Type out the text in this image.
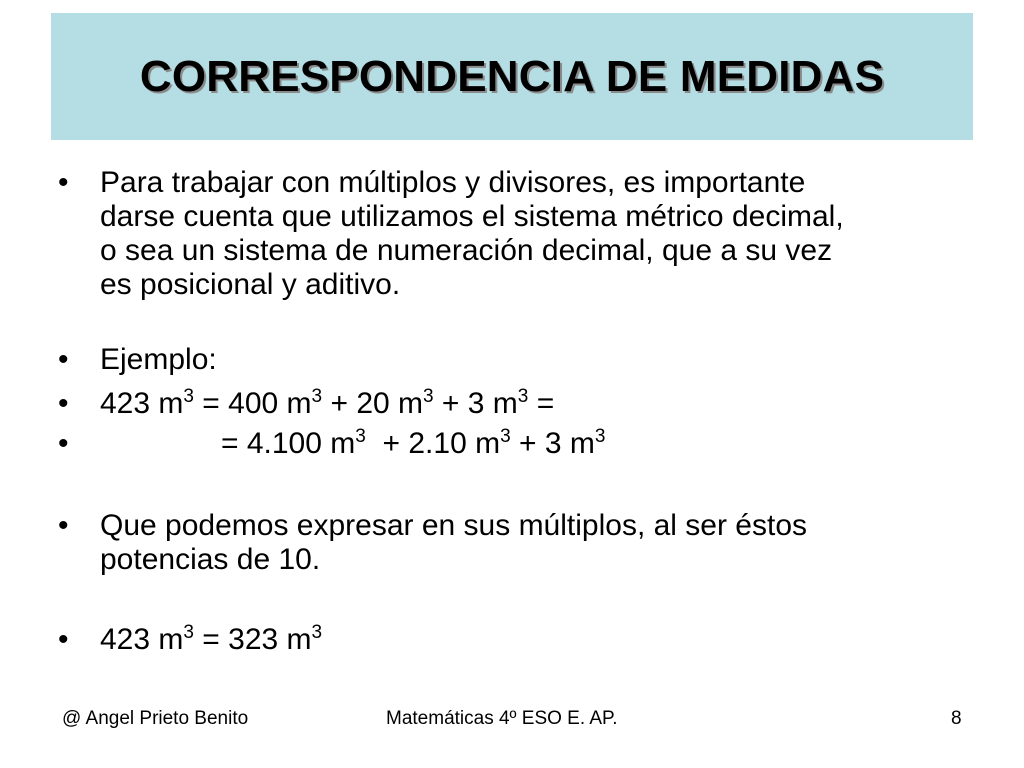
CORRESPONDENCIA DE MEDIDAS
• Para trabajar con múltiplos y divisores, es importante
darse cuenta que utilizamos el sistema métrico decimal,
o sea un sistema de numeración decimal, que a su vez
es posicional y aditivo.
• Ejemplo:
• 423 $m^3 = 400$ $m^3 + 20$ $m^3 + 3$ $m^3$ =
•	= 4.100 $m^3 + 2.10$ $m^3 + 3$ $m^3$
• Que podemos expresar en sus múltiplos, al ser éstos
potencias de 10.
• 423 $m^3 = 323$ $m^3$
@ Angel Prieto Benito	Matemáticas 4º ESO E. AP.	8
